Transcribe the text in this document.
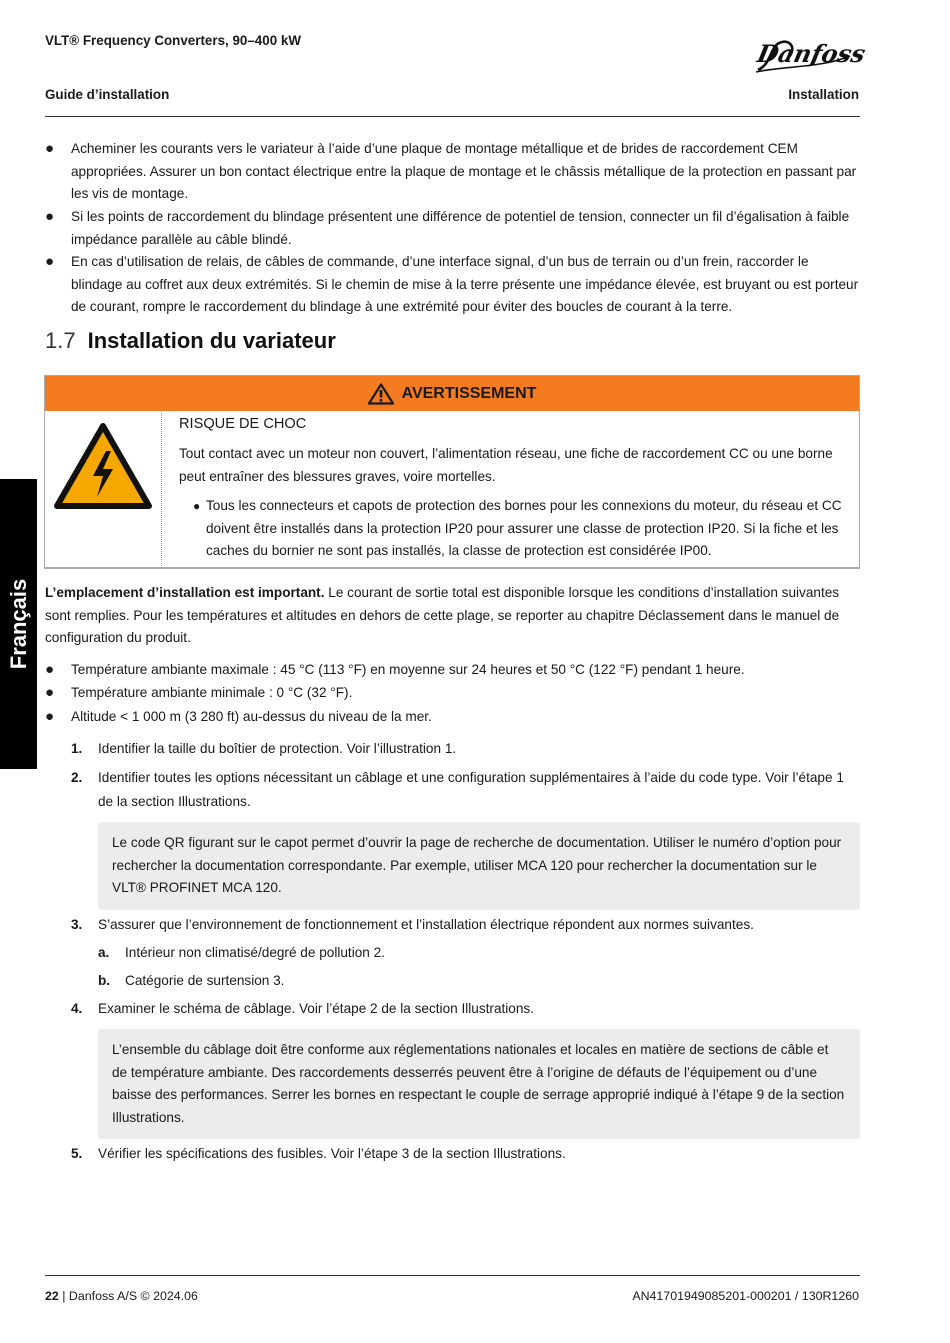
VLT® Frequency Converters, 90–400 kW	Danfoss
Guide d’installation	Installation
Français
● Acheminer les courants vers le variateur à l’aide d’une plaque de montage métallique et de brides de raccordement CEM appropriées. Assurer un bon contact électrique entre la plaque de montage et le châssis métallique de la protection en passant par les vis de montage.
● Si les points de raccordement du blindage présentent une différence de potentiel de tension, connecter un fil d’égalisation à faible impédance parallèle au câble blindé.
● En cas d’utilisation de relais, de câbles de commande, d’une interface signal, d’un bus de terrain ou d’un frein, raccorder le blindage au coffret aux deux extrémités. Si le chemin de mise à la terre présente une impédance élevée, est bruyant ou est porteur de courant, rompre le raccordement du blindage à une extrémité pour éviter des boucles de courant à la terre.
1.7 Installation du variateur
AVERTISSEMENT
RISQUE DE CHOC
Tout contact avec un moteur non couvert, l’alimentation réseau, une fiche de raccordement CC ou une borne peut entraîner des blessures graves, voire mortelles.
● Tous les connecteurs et capots de protection des bornes pour les connexions du moteur, du réseau et CC doivent être installés dans la protection IP20 pour assurer une classe de protection IP20. Si la fiche et les caches du bornier ne sont pas installés, la classe de protection est considérée IP00.
L’emplacement d’installation est important. Le courant de sortie total est disponible lorsque les conditions d’installation suivantes sont remplies. Pour les températures et altitudes en dehors de cette plage, se reporter au chapitre Déclassement dans le manuel de configuration du produit.
● Température ambiante maximale : 45 °C (113 °F) en moyenne sur 24 heures et 50 °C (122 °F) pendant 1 heure.
● Température ambiante minimale : 0 °C (32 °F).
● Altitude < 1 000 m (3 280 ft) au-dessus du niveau de la mer.
1. Identifier la taille du boîtier de protection. Voir l’illustration 1.
2. Identifier toutes les options nécessitant un câblage et une configuration supplémentaires à l’aide du code type. Voir l’étape 1 de la section Illustrations.
Le code QR figurant sur le capot permet d’ouvrir la page de recherche de documentation. Utiliser le numéro d’option pour rechercher la documentation correspondante. Par exemple, utiliser MCA 120 pour rechercher la documentation sur le VLT® PROFINET MCA 120.
3. S’assurer que l’environnement de fonctionnement et l’installation électrique répondent aux normes suivantes.
a. Intérieur non climatisé/degré de pollution 2.
b. Catégorie de surtension 3.
4. Examiner le schéma de câblage. Voir l’étape 2 de la section Illustrations.
L’ensemble du câblage doit être conforme aux réglementations nationales et locales en matière de sections de câble et de température ambiante. Des raccordements desserrés peuvent être à l’origine de défauts de l’équipement ou d’une baisse des performances. Serrer les bornes en respectant le couple de serrage approprié indiqué à l’étape 9 de la section Illustrations.
5. Vérifier les spécifications des fusibles. Voir l’étape 3 de la section Illustrations.
22 | Danfoss A/S © 2024.06	AN41701949085201-000201 / 130R1260
